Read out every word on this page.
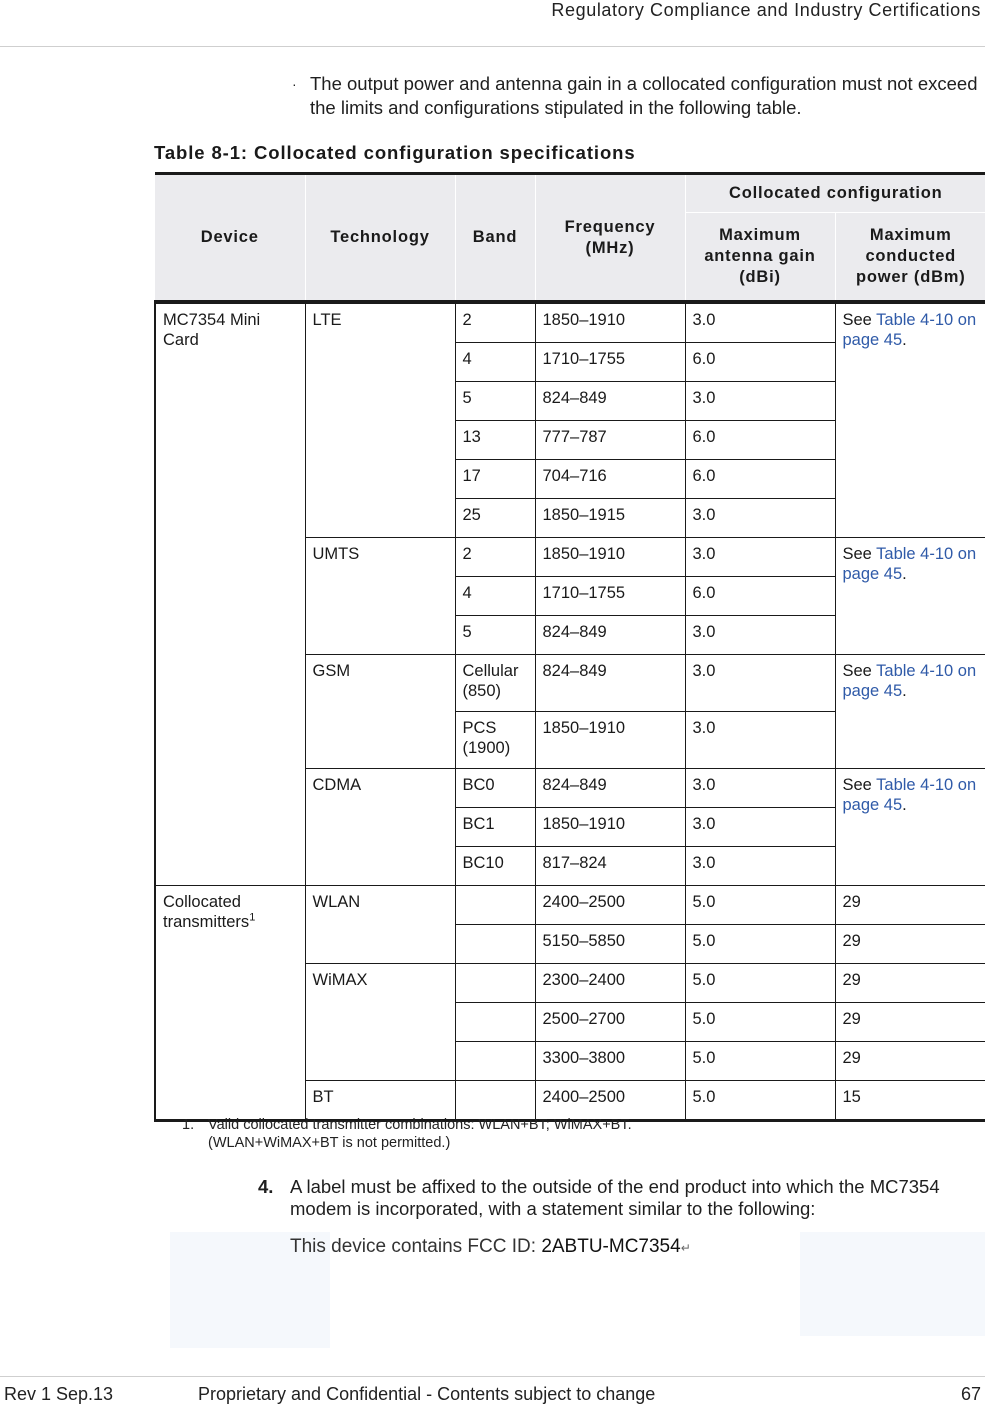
Regulatory Compliance and Industry Certifications
· The output power and antenna gain in a collocated configuration must not exceed the limits and configurations stipulated in the following table.
Table 8-1: Collocated configuration specifications
Device	Technology	Band	Frequency (MHz)	Collocated configuration	
				Maximum antenna gain (dBi)	Maximum conducted power (dBm)
MC7354 Mini Card	LTE	2	1850–1910	3.0	See Table 4-10 on page 45.
		4	1710–1755	6.0	
		5	824–849	3.0	
		13	777–787	6.0	
		17	704–716	6.0	
		25	1850–1915	3.0	
	UMTS	2	1850–1910	3.0	See Table 4-10 on page 45.
		4	1710–1755	6.0	
		5	824–849	3.0	
	GSM	Cellular (850)	824–849	3.0	See Table 4-10 on page 45.
		PCS (1900)	1850–1910	3.0	
	CDMA	BC0	824–849	3.0	See Table 4-10 on page 45.
		BC1	1850–1910	3.0	
		BC10	817–824	3.0	
Collocated transmitters$^1$	WLAN		2400–2500	5.0	29
			5150–5850	5.0	29
	WiMAX		2300–2400	5.0	29
			2500–2700	5.0	29
			3300–3800	5.0	29
	BT		2400–2500	5.0	15
1. Valid collocated transmitter combinations: WLAN+BT; WiMAX+BT.
(WLAN+WiMAX+BT is not permitted.)
4. A label must be affixed to the outside of the end product into which the MC7354 modem is incorporated, with a statement similar to the following:
This device contains FCC ID: 2ABTU-MC7354↵
Rev 1 Sep.13	Proprietary and Confidential - Contents subject to change	67
